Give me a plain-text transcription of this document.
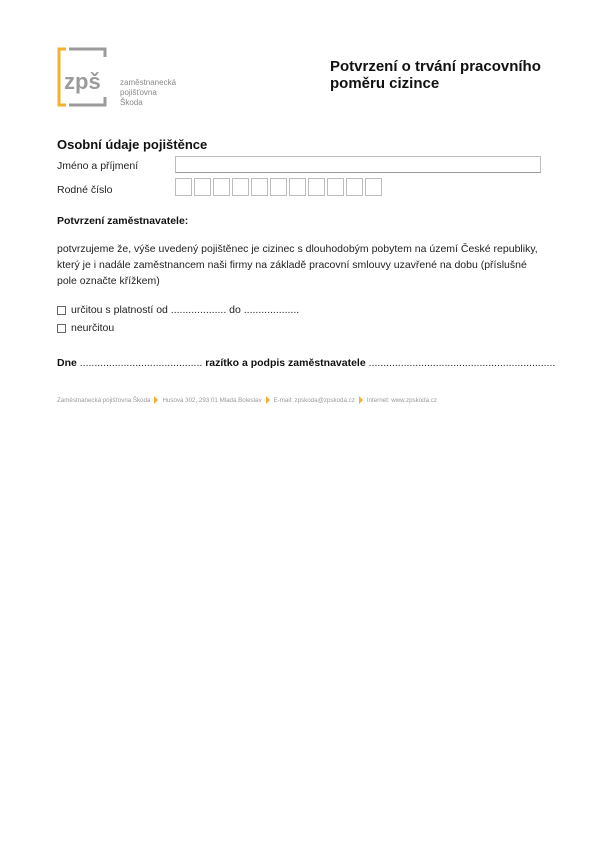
zpš zaměstnanecká
pojišťovna
Škoda
Potvrzení o trvání pracovního poměru cizince
Osobní údaje pojištěnce
Jméno a příjmení
Rodné číslo
Potvrzení zaměstnavatele:
potvrzujeme že, výše uvedený pojištěnec je cizinec s dlouhodobým pobytem na území České republiky, který je i nadále zaměstnancem naši firmy na základě pracovní smlouvy uzavřené na dobu (příslušné pole označte křížkem)
určitou s platností od ................... do ...................
neurčitou
Dne .......................................... razítko a podpis zaměstnavatele ................................................................
Zaměstnanecká pojišťovna Škoda Husova 302, 293 01 Mladá Boleslav E-mail: zpskoda@zpskoda.cz Internet: www.zpskoda.cz
